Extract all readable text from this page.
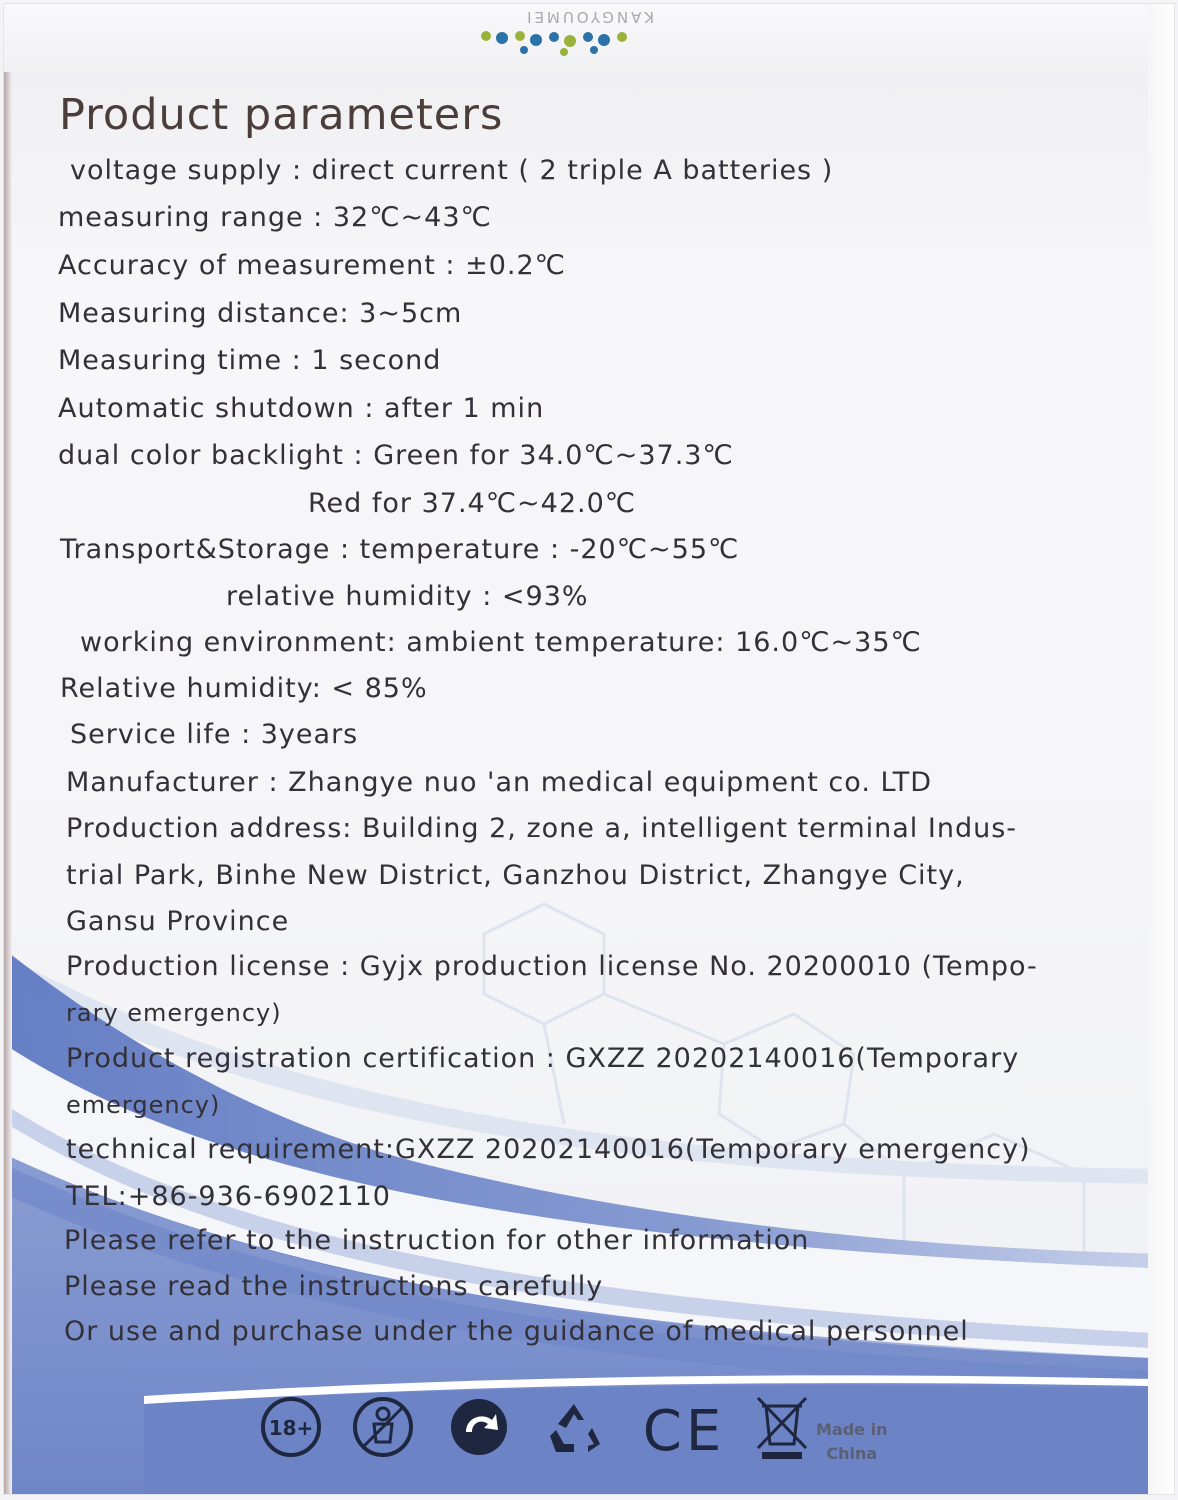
KANGYOUMEI
Product parameters
voltage supply : direct current ( 2 triple A batteries )
measuring range : 32℃~43℃
Accuracy of measurement : ±0.2℃
Measuring distance: 3~5cm
Measuring time : 1 second
Automatic shutdown : after 1 min
dual color backlight : Green for 34.0℃~37.3℃
Red for 37.4℃~42.0℃
Transport&Storage : temperature : -20℃~55℃
relative humidity : <93%
working environment: ambient temperature: 16.0℃~35℃
Relative humidity: < 85%
Service life : 3years
Manufacturer : Zhangye nuo 'an medical equipment co. LTD
Production address: Building 2, zone a, intelligent terminal Indus-
trial Park, Binhe New District, Ganzhou District, Zhangye City,
Gansu Province
Production license : Gyjx production license No. 20200010 (Tempo-
rary emergency)
Product registration certification : GXZZ 20202140016(Temporary
emergency)
technical requirement:GXZZ 20202140016(Temporary emergency)
TEL:+86-936-6902110
Please refer to the instruction for other information
Please read the instructions carefully
Or use and purchase under the guidance of medical personnel
18+	CE	Made in
China
